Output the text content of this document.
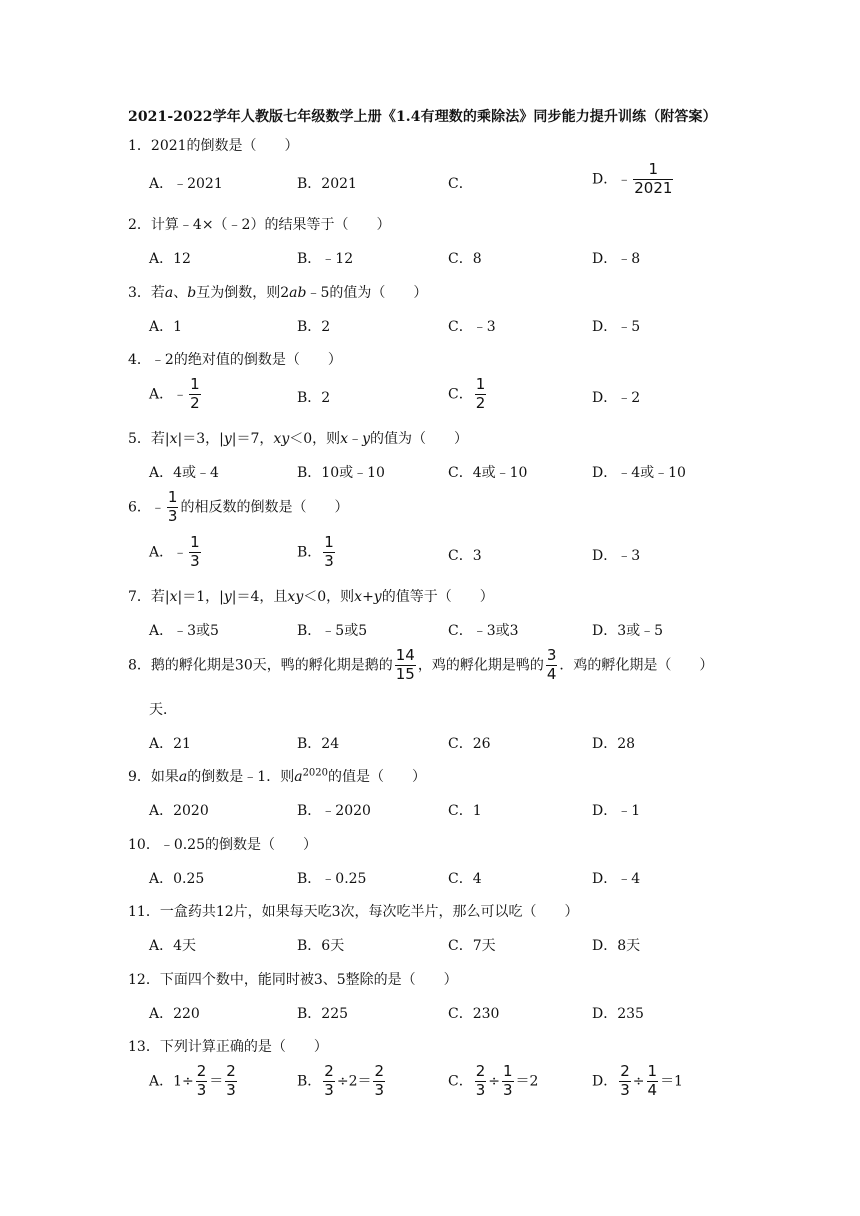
2021-2022学年人教版七年级数学上册《1.4有理数的乘除法》同步能力提升训练（附答案）
1．2021的倒数是（　　）
A．﹣2021	B．2021	C．	D．﹣ $\frac{1}{2021}$
2．计算﹣4×（﹣2）的结果等于（　　）
A．12	B．﹣12	C．8	D．﹣8
3．若a、b互为倒数，则2ab﹣5的值为（　　）
A．1	B．2	C．﹣3	D．﹣5
4．﹣2的绝对值的倒数是（　　）
A．﹣ $\frac{1}{2}$	B．2	C． $\frac{1}{2}$	D．﹣2
5．若|x|＝3，|y|＝7，xy＜0，则x﹣y的值为（　　）
A．4或﹣4	B．10或﹣10	C．4或﹣10	D．﹣4或﹣10
6．﹣ $\frac{1}{3}$ 的相反数的倒数是（　　）
A．﹣ $\frac{1}{3}$	B． $\frac{1}{3}$	C．3	D．﹣3
7．若|x|＝1，|y|＝4，且xy＜0，则x+y的值等于（　　）
A．﹣3或5	B．﹣5或5	C．﹣3或3	D．3或﹣5
8．鹅的孵化期是30天，鸭的孵化期是鹅的 $\frac{14}{15}$ ，鸡的孵化期是鸭的 $\frac{3}{4}$ ．鸡的孵化期是（　　）
天．
A．21	B．24	C．26	D．28
9．如果a的倒数是﹣1．则$a^{2020}$的值是（　　）
A．2020	B．﹣2020	C．1	D．﹣1
10．﹣0.25的倒数是（　　）
A．0.25	B．﹣0.25	C．4	D．﹣4
11．一盒药共12片，如果每天吃3次，每次吃半片，那么可以吃（　　）
A．4天	B．6天	C．7天	D．8天
12．下面四个数中，能同时被3、5整除的是（　　）
A．220	B．225	C．230	D．235
13．下列计算正确的是（　　）
A．$1\div \frac{2}{3} = \frac{2}{3}$	B． $\frac{2}{3} \div 2= \frac{2}{3}$	C． $\frac{2}{3} \div \frac{1}{3} =2$	D． $\frac{2}{3} \div \frac{1}{4} =1$
